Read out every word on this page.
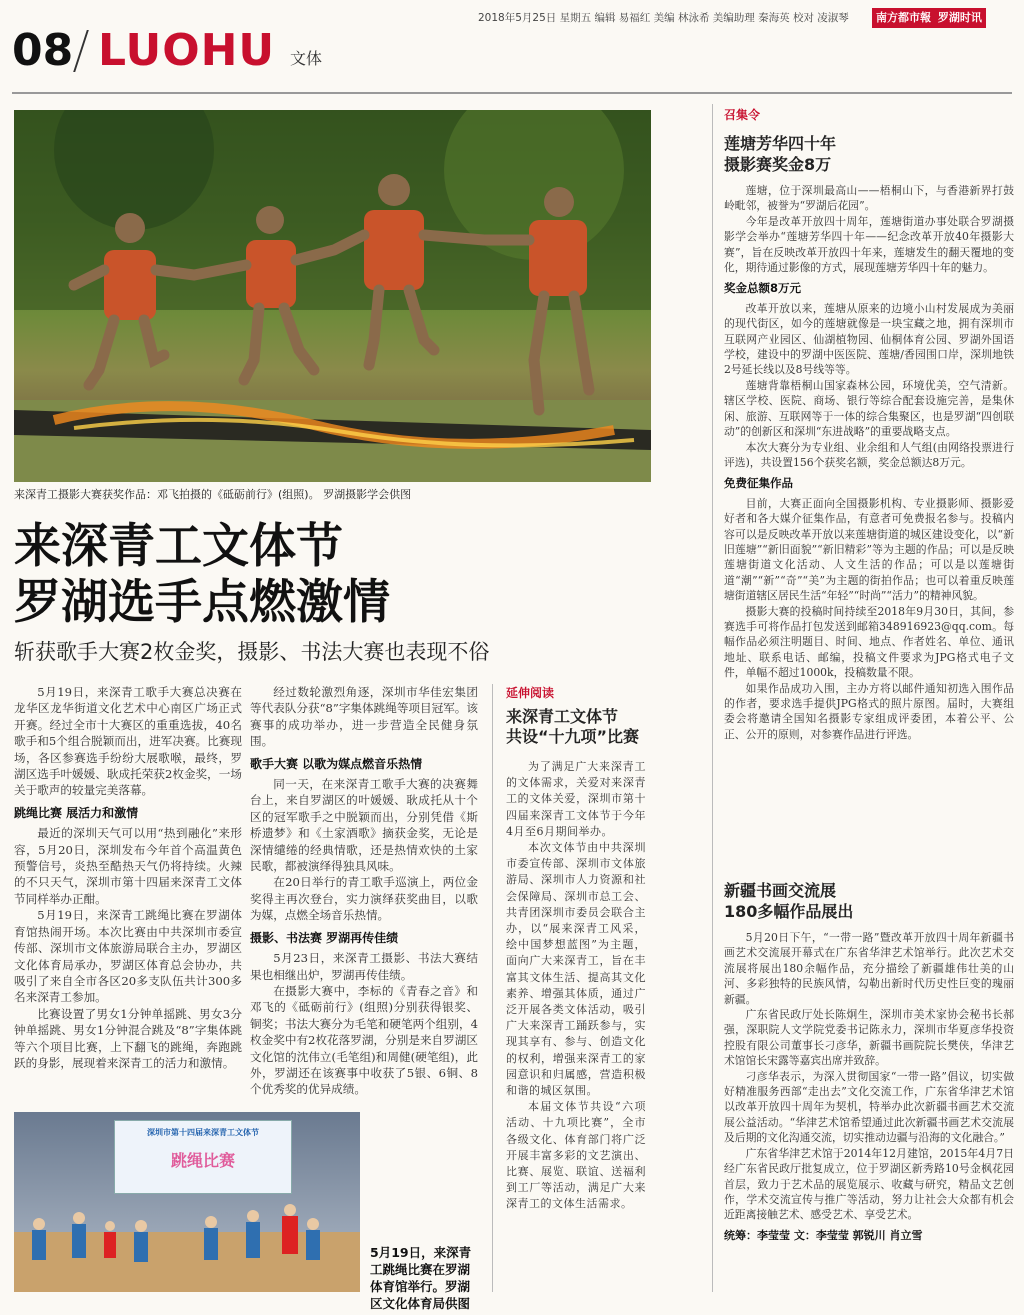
2018年5月25日 星期五 编辑 易福红 美编 林泳希 美编助理 秦海英 校对 凌淑琴	南方都市報 罗湖时讯
08 LUOHU 文体
来深青工摄影大赛获奖作品：邓飞拍摄的《砥砺前行》(组照)。 罗湖摄影学会供图
来深青工文体节
罗湖选手点燃激情
斩获歌手大赛2枚金奖，摄影、书法大赛也表现不俗

5月19日，来深青工歌手大赛总决赛在龙华区龙华街道文化艺术中心南区广场正式开赛。经过全市十大赛区的重重选拔，40名歌手和5个组合脱颖而出，进军决赛。比赛现场，各区参赛选手纷纷大展歌喉，最终，罗湖区选手叶媛媛、耿成托荣获2枚金奖，一场关于歌声的较量完美落幕。

跳绳比赛 展活力和激情

最近的深圳天气可以用“热到融化”来形容，5月20日，深圳发布今年首个高温黄色预警信号，炎热至酷热天气仍将持续。火辣的不只天气，深圳市第十四届来深青工文体节同样举办正酣。

5月19日，来深青工跳绳比赛在罗湖体育馆热闹开场。本次比赛由中共深圳市委宣传部、深圳市文体旅游局联合主办，罗湖区文化体育局承办，罗湖区体育总会协办，共吸引了来自全市各区20多支队伍共计300多名来深青工参加。

比赛设置了男女1分钟单摇跳、男女3分钟单摇跳、男女1分钟混合跳及“8”字集体跳等六个项目比赛，上下翻飞的跳绳，奔跑跳跃的身影，展现着来深青工的活力和激情。

经过数轮激烈角逐，深圳市华佳宏集团等代表队分获“8”字集体跳绳等项目冠军。该赛事的成功举办，进一步营造全民健身氛围。

歌手大赛 以歌为媒点燃音乐热情

同一天，在来深青工歌手大赛的决赛舞台上，来自罗湖区的叶媛媛、耿成托从十个区的冠军歌手之中脱颖而出，分别凭借《斯桥遗梦》和《土家酒歌》摘获金奖，无论是深情缱绻的经典情歌，还是热情欢快的土家民歌，都被演绎得独具风味。

在20日举行的青工歌手巡演上，两位金奖得主再次登台，实力演绎获奖曲目，以歌为媒，点燃全场音乐热情。

摄影、书法赛 罗湖再传佳绩

5月23日，来深青工摄影、书法大赛结果也相继出炉，罗湖再传佳绩。

在摄影大赛中，李标的《青春之音》和邓飞的《砥砺前行》(组照)分别获得银奖、铜奖；书法大赛分为毛笔和硬笔两个组别，4枚金奖中有2枚花落罗湖，分别是来自罗湖区文化馆的沈伟立(毛笔组)和周健(硬笔组)，此外，罗湖还在该赛事中收获了5银、6铜、8个优秀奖的优异成绩。

深圳市第十四届来深青工文体节
跳绳比赛
5月19日，来深青工跳绳比赛在罗湖体育馆举行。罗湖区文化体育局供图
延伸阅读
来深青工文体节
共设“十九项”比赛

为了满足广大来深青工的文体需求，关爱对来深青工的文体关爱，深圳市第十四届来深青工文体节于今年4月至6月期间举办。

本次文体节由中共深圳市委宣传部、深圳市文体旅游局、深圳市人力资源和社会保障局、深圳市总工会、共青团深圳市委员会联合主办，以“展来深青工风采，绘中国梦想蓝图”为主题，面向广大来深青工，旨在丰富其文体生活、提高其文化素养、增强其体质，通过广泛开展各类文体活动，吸引广大来深青工踊跃参与，实现其享有、参与、创造文化的权利，增强来深青工的家园意识和归属感，营造积极和谐的城区氛围。

本届文体节共设“六项活动、十九项比赛”，全市各级文化、体育部门将广泛开展丰富多彩的文艺演出、比赛、展览、联谊、送福利到工厂等活动，满足广大来深青工的文体生活需求。

召集令
莲塘芳华四十年
摄影赛奖金8万

莲塘，位于深圳最高山——梧桐山下，与香港新界打鼓岭毗邻，被誉为“罗湖后花园”。

今年是改革开放四十周年，莲塘街道办事处联合罗湖摄影学会举办“莲塘芳华四十年——纪念改革开放40年摄影大赛”，旨在反映改革开放四十年来，莲塘发生的翻天覆地的变化，期待通过影像的方式，展现莲塘芳华四十年的魅力。

奖金总额8万元

改革开放以来，莲塘从原来的边境小山村发展成为美丽的现代街区，如今的莲塘就像是一块宝藏之地，拥有深圳市互联网产业园区、仙湖植物园、仙桐体育公园、罗湖外国语学校，建设中的罗湖中医医院、莲塘/香园围口岸，深圳地铁2号延长线以及8号线等等。

莲塘背靠梧桐山国家森林公园，环境优美，空气清新。辖区学校、医院、商场、银行等综合配套设施完善，是集休闲、旅游、互联网等于一体的综合集聚区，也是罗湖“四创联动”的创新区和深圳“东进战略”的重要战略支点。

本次大赛分为专业组、业余组和人气组(由网络投票进行评选)，共设置156个获奖名额，奖金总额达8万元。

免费征集作品

目前，大赛正面向全国摄影机构、专业摄影师、摄影爱好者和各大媒介征集作品，有意者可免费报名参与。投稿内容可以是反映改革开放以来莲塘街道的城区建设变化，以“新旧莲塘”“新旧面貌”“新旧精彩”等为主题的作品；可以是反映莲塘街道文化活动、人文生活的作品；可以是以莲塘街道“潮”“新”“奇”“美”为主题的街拍作品；也可以着重反映莲塘街道辖区居民生活“年轻”“时尚”“活力”的精神风貌。

摄影大赛的投稿时间持续至2018年9月30日，其间，参赛选手可将作品打包发送到邮箱348916923@qq.com。每幅作品必须注明题目、时间、地点、作者姓名、单位、通讯地址、联系电话、邮编，投稿文件要求为JPG格式电子文件，单幅不超过1000k，投稿数量不限。

如果作品成功入围，主办方将以邮件通知初选入围作品的作者，要求选手提供JPG格式的照片原图。届时，大赛组委会将邀请全国知名摄影专家组成评委团，本着公平、公正、公开的原则，对参赛作品进行评选。

新疆书画交流展
180多幅作品展出

5月20日下午，“一带一路”暨改革开放四十周年新疆书画艺术交流展开幕式在广东省华津艺术馆举行。此次艺术交流展将展出180余幅作品，充分描绘了新疆雄伟壮美的山河、多彩独特的民族风情，勾勒出新时代历史性巨变的瑰丽新疆。

广东省民政厅处长陈炯生，深圳市美术家协会秘书长郝强，深职院人文学院党委书记陈永力，深圳市华夏彦华投资控股有限公司董事长刁彦华，新疆书画院院长樊侠，华津艺术馆馆长宋露等嘉宾出席并致辞。

刁彦华表示，为深入贯彻国家“一带一路”倡议，切实做好精准服务西部“走出去”文化交流工作，广东省华津艺术馆以改革开放四十周年为契机，特举办此次新疆书画艺术交流展公益活动。“华津艺术馆希望通过此次新疆书画艺术交流展及后期的文化沟通交流，切实推动边疆与沿海的文化融合。”

广东省华津艺术馆于2014年12月建馆，2015年4月7日经广东省民政厅批复成立，位于罗湖区新秀路10号金枫花园首层，致力于艺术品的展览展示、收藏与研究，精品文艺创作，学术交流宣传与推广等活动，努力让社会大众都有机会近距离接触艺术、感受艺术、享受艺术。

统筹：李莹莹 文：李莹莹 郭锐川 肖立雪
